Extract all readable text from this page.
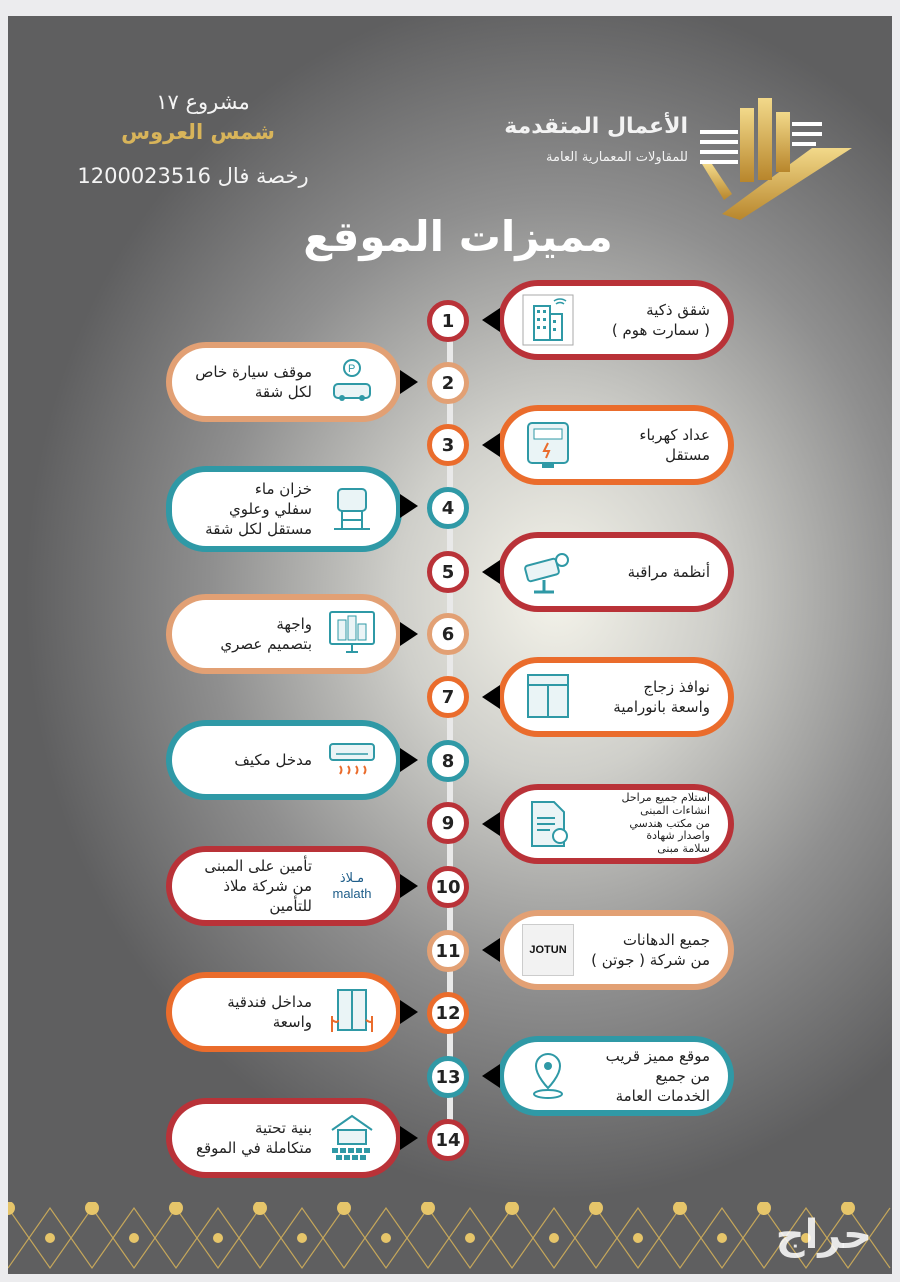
الأعمال المتقدمة
للمقاولات المعمارية العامة
مشروع ١٧
شمس العروس
رخصة فال 1200023516
مميزات الموقع
1
2
3
4
5
6
7
8
9
10
11
12
13
14
شقق ذكية
( سمارت هوم )
عداد كهرباء
مستقل
أنظمة مراقبة
نوافذ زجاج
واسعة بانورامية
استلام جميع مراحل
انشاءات المبنى
من مكتب هندسي
واصدار شهادة
سلامة مبنى
جميع الدهانات
من شركة ( جوتن )
JOTUN
موقع مميز قريب
من جميع
الخدمات العامة
P
موقف سيارة خاص
لكل شقة
خزان ماء
سفلي وعلوي
مستقل لكل شقة
واجهة
بتصميم عصري
مدخل مكيف
مـلاذ
malath
تأمين على المبنى
من شركة ملاذ للتأمين
مداخل فندقية واسعة
بنية تحتية
متكاملة في الموقع
حراج
